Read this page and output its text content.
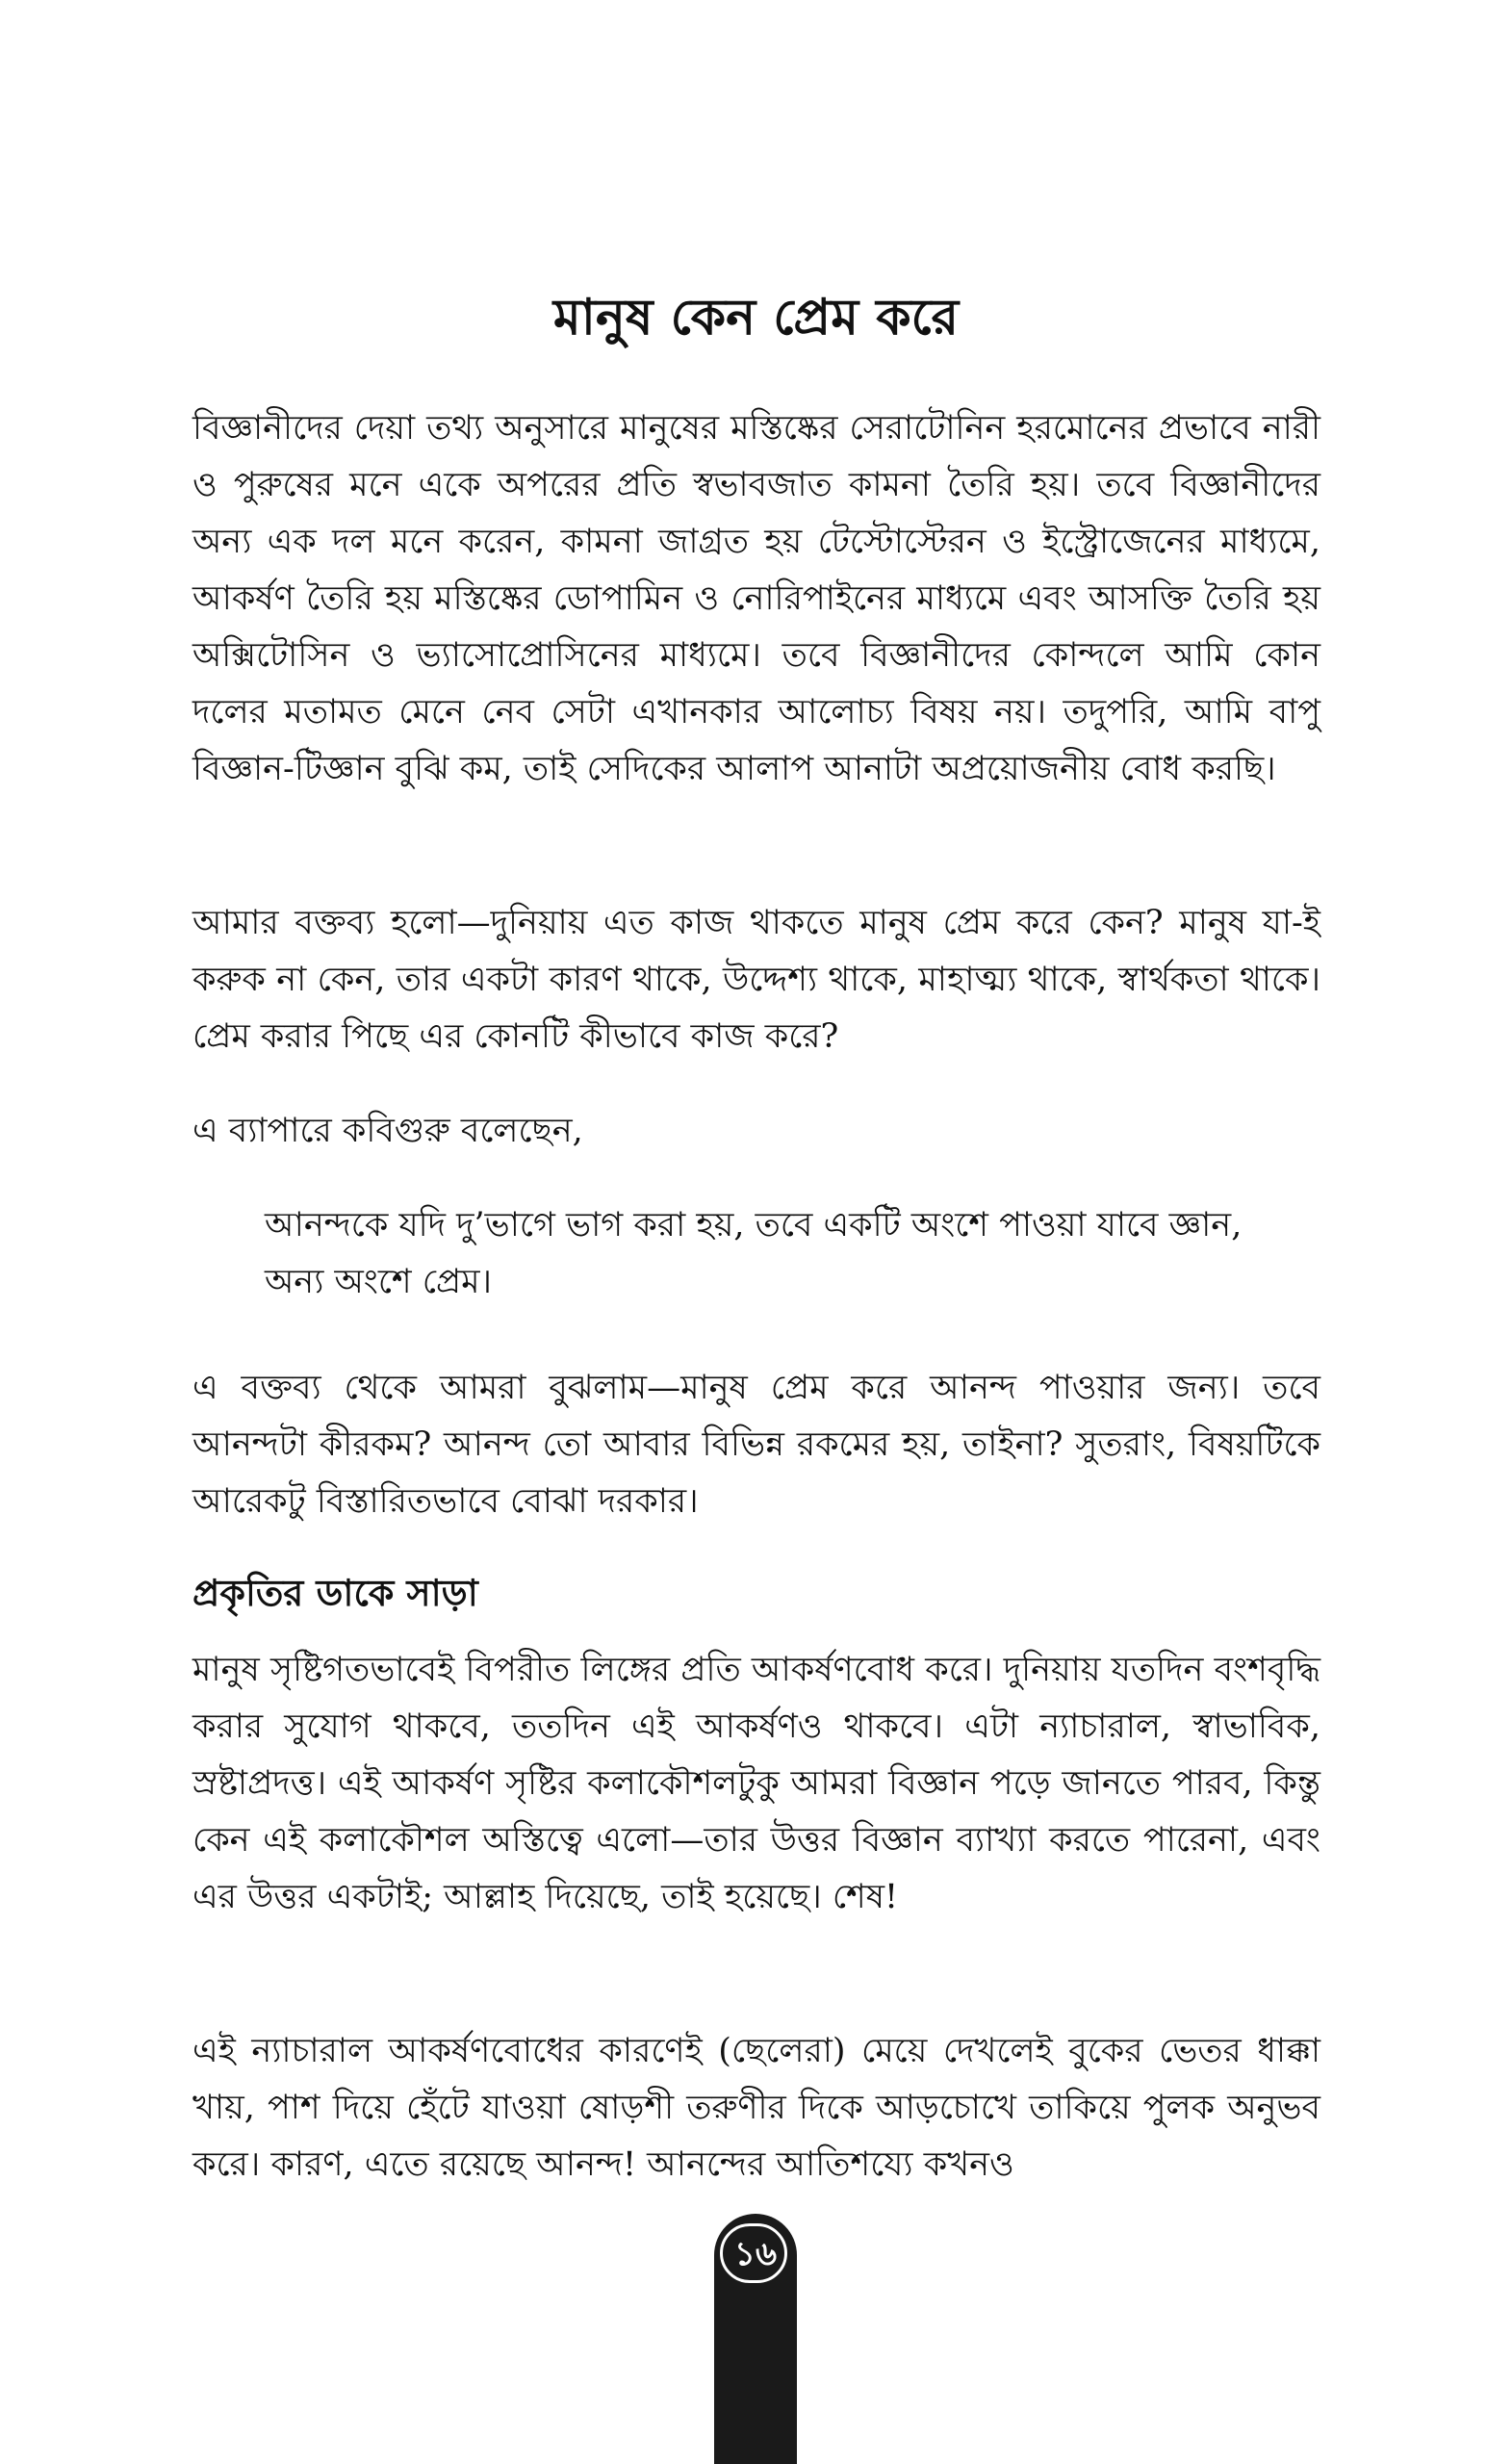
মানুষ কেন প্রেম করে

বিজ্ঞানীদের দেয়া তথ্য অনুসারে মানুষের মস্তিষ্কের সেরাটোনিন হরমোনের প্রভাবে নারী ও পুরুষের মনে একে অপরের প্রতি স্বভাবজাত কামনা তৈরি হয়। তবে বিজ্ঞানীদের অন্য এক দল মনে করেন, কামনা জাগ্রত হয় টেস্টোস্টেরন ও ইস্ট্রোজেনের মাধ্যমে, আকর্ষণ তৈরি হয় মস্তিষ্কের ডোপামিন ও নোরিপাইনের মাধ্যমে এবং আসক্তি তৈরি হয় অক্সিটোসিন ও ভ্যাসোপ্রোসিনের মাধ্যমে। তবে বিজ্ঞানীদের কোন্দলে আমি কোন দলের মতামত মেনে নেব সেটা এখানকার আলোচ্য বিষয় নয়। তদুপরি, আমি বাপু বিজ্ঞান-টিজ্ঞান বুঝি কম, তাই সেদিকের আলাপ আনাটা অপ্রয়োজনীয় বোধ করছি।

আমার বক্তব্য হলো—দুনিয়ায় এত কাজ থাকতে মানুষ প্রেম করে কেন? মানুষ যা-ই করুক না কেন, তার একটা কারণ থাকে, উদ্দেশ্য থাকে, মাহাত্ম্য থাকে, স্বার্থকতা থাকে। প্রেম করার পিছে এর কোনটি কীভাবে কাজ করে?

এ ব্যাপারে কবিগুরু বলেছেন,

আনন্দকে যদি দু’ভাগে ভাগ করা হয়, তবে একটি অংশে পাওয়া যাবে জ্ঞান, অন্য অংশে প্রেম।

এ বক্তব্য থেকে আমরা বুঝলাম—মানুষ প্রেম করে আনন্দ পাওয়ার জন্য। তবে আনন্দটা কীরকম? আনন্দ তো আবার বিভিন্ন রকমের হয়, তাইনা? সুতরাং, বিষয়টিকে আরেকটু বিস্তারিতভাবে বোঝা দরকার।

প্রকৃতির ডাকে সাড়া

মানুষ সৃষ্টিগতভাবেই বিপরীত লিঙ্গের প্রতি আকর্ষণবোধ করে। দুনিয়ায় যতদিন বংশবৃদ্ধি করার সুযোগ থাকবে, ততদিন এই আকর্ষণও থাকবে। এটা ন্যাচারাল, স্বাভাবিক, স্রষ্টাপ্রদত্ত। এই আকর্ষণ সৃষ্টির কলাকৌশলটুকু আমরা বিজ্ঞান পড়ে জানতে পারব, কিন্তু কেন এই কলাকৌশল অস্তিত্বে এলো—তার উত্তর বিজ্ঞান ব্যাখ্যা করতে পারেনা, এবং এর উত্তর একটাই; আল্লাহ দিয়েছে, তাই হয়েছে। শেষ!

এই ন্যাচারাল আকর্ষণবোধের কারণেই (ছেলেরা) মেয়ে দেখলেই বুকের ভেতর ধাক্কা খায়, পাশ দিয়ে হেঁটে যাওয়া ষোড়শী তরুণীর দিকে আড়চোখে তাকিয়ে পুলক অনুভব করে। কারণ, এতে রয়েছে আনন্দ! আনন্দের আতিশয্যে কখনও

১৬
